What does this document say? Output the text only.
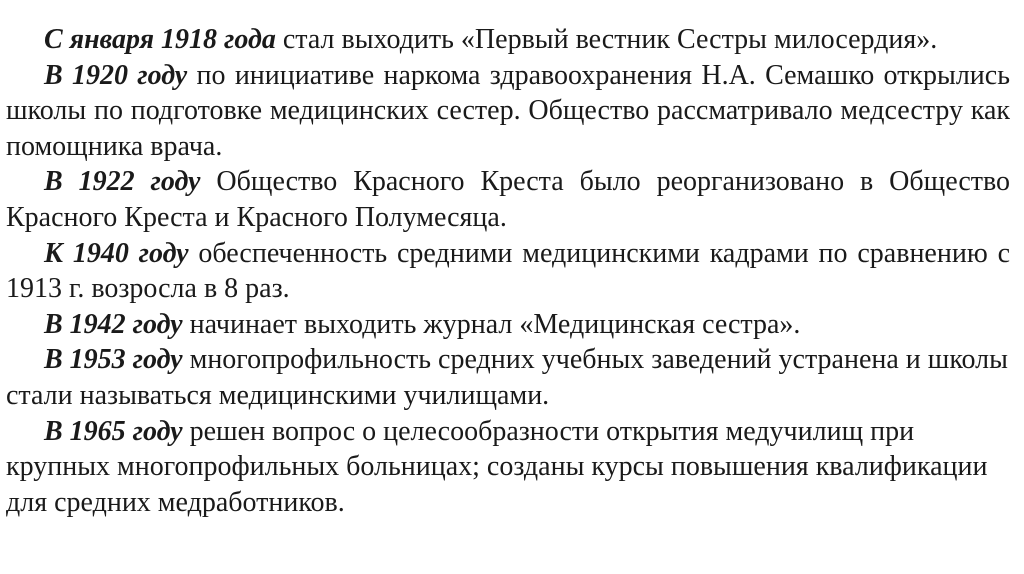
С января 1918 года стал выходить «Первый вестник Сестры милосердия».

В 1920 году по инициативе наркома здравоохранения Н.А. Семашко открылись школы по подготовке медицинских сестер. Общество рассматривало медсестру как помощника врача.

В 1922 году Общество Красного Креста было реорганизовано в Общество Красного Креста и Красного Полумесяца.

К 1940 году обеспеченность средними медицинскими кадрами по сравнению с 1913 г. возросла в 8 раз.

В 1942 году начинает выходить журнал «Медицинская сестра».

В 1953 году многопрофильность средних учебных заведений устранена и школы стали называться медицинскими училищами.

В 1965 году решен вопрос о целесообразности открытия медучилищ при крупных многопрофильных больницах; созданы курсы повышения квалификации для средних медработников.
